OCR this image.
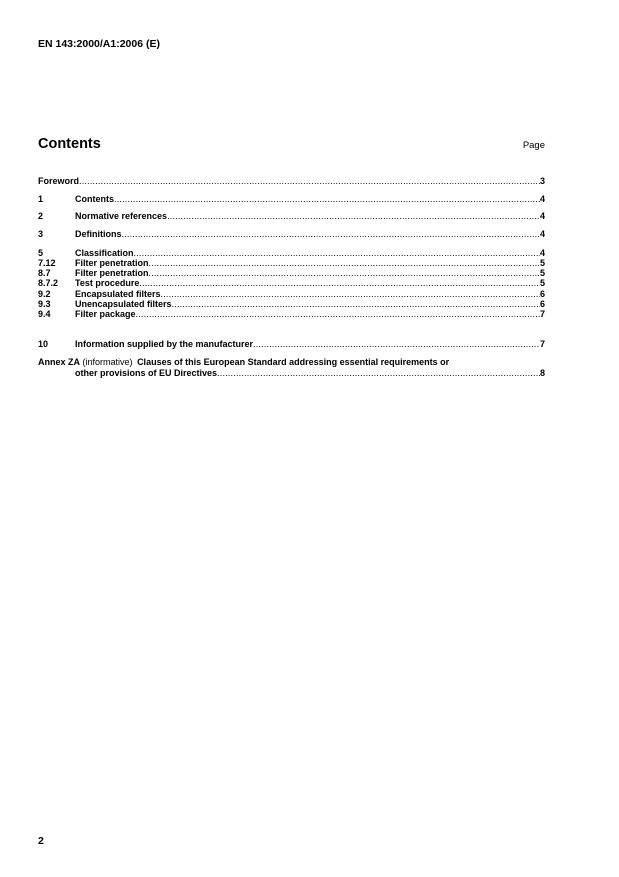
EN 143:2000/A1:2006 (E)
Contents	Page
Foreword .....	3
1	Contents .....	4
2	Normative references .....	4
3	Definitions .....	4
5	Classification .....	4
7.12	Filter penetration .....	5
8.7	Filter penetration .....	5
8.7.2	Test procedure .....	5
9.2	Encapsulated filters .....	6
9.3	Unencapsulated filters .....	6
9.4	Filter package .....	7
10	Information supplied by the manufacturer .....	7
Annex ZA (informative) Clauses of this European Standard addressing essential requirements or
other provisions of EU Directives .....	8
2
